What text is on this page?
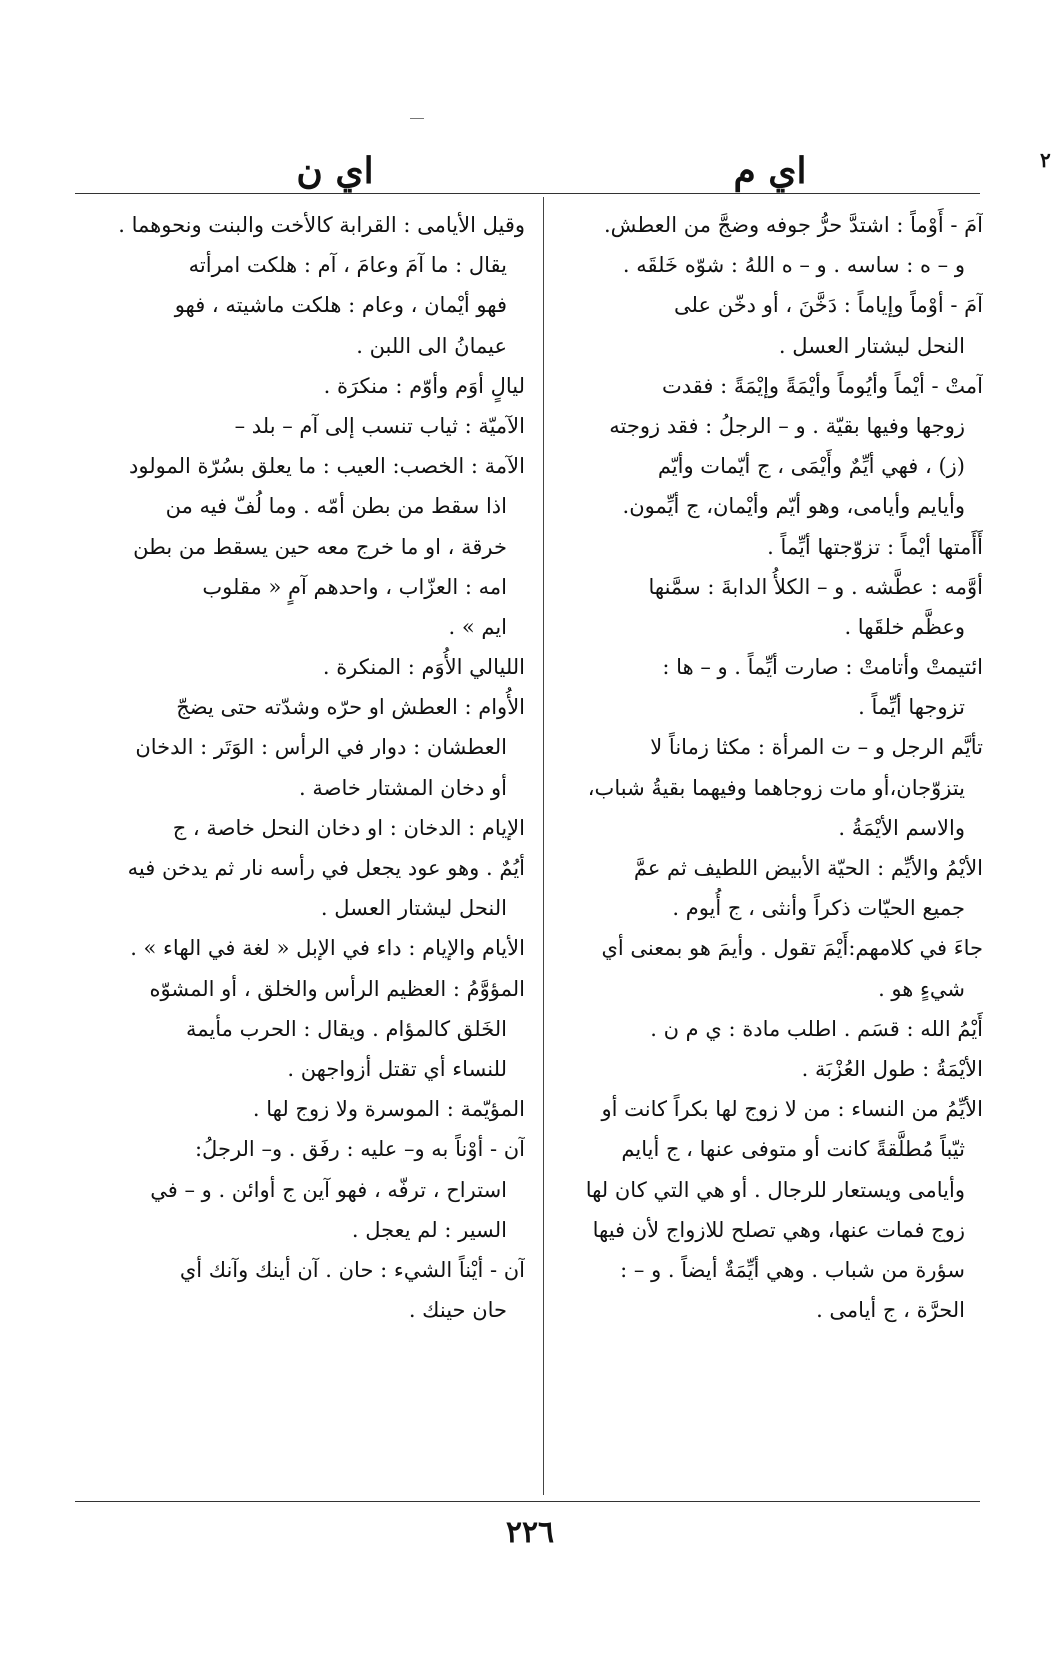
اي ن	اي م	٢
آمَ - أَوْماً : اشتدَّ حرُّ جوفه وضجَّ من العطش.
و – ه : ساسه . و – ه اللهُ : شوّه خَلقَه .
آمَ - أوْماً وإياماً : دَخَّنَ ، أو دخّن على
النحل ليشتار العسل .
آمتْ - أيْماً وأيُوماً وأيْمَةً وإيْمَةً : فقدت
زوجها وفيها بقيّة . و – الرجلُ : فقد زوجته
(ز) ، فهي أيِّمٌ وأَيْمَى ، ج أيّمات وأيّم
وأيايم وأيامى، وهو أيّم وأيْمان، ج أيِّمون.
أَأَمتها أيْماً : تزوّجتها أيِّماً .
أوَّمه : عطَّشه . و – الكلأُ الدابةَ : سمَّنها
وعظَّم خلقَها .
ائتيمتْ وأتامتْ : صارت أيِّماً . و – ها :
تزوجها أيِّماً .
تأيَّم الرجل و – ت المرأة : مكثا زماناً لا
يتزوّجان،أو مات زوجاهما وفيهما بقيةُ شباب،
والاسم الأيْمَةُ .
الأيْمُ والأيِّم : الحيّة الأبيض اللطيف ثم عمَّ
جميع الحيّات ذكراً وأنثى ، ج أُيوم .
جاءَ في كلامهم:أَيْمَ تقول . وأيمَ هو بمعنى أي
شيءٍ هو .
أَيْمُ الله : قسَم . اطلب مادة : ي م ن .
الأيْمَةُ : طول العُزْبَة .
الأيِّمُ من النساء : من لا زوج لها بكراً كانت أو
ثيّباً مُطلَّقةً كانت أو متوفى عنها ، ج أيايم
وأيامى ويستعار للرجال . أو هي التي كان لها
زوج فمات عنها، وهي تصلح للازواج لأن فيها
سؤرة من شباب . وهي أيِّمَةٌ أيضاً . و – :
الحرَّة ، ج أيامى .
وقيل الأيامى : القرابة كالأخت والبنت ونحوهما .
يقال : ما آمَ وعامَ ، آم : هلكت امرأته
فهو أيْمان ، وعام : هلكت ماشيته ، فهو
عيمانُ الى اللبن .
ليالٍ أوَم وأوّم : منكرَة .
الآميّة : ثياب تنسب إلى آم – بلد –
الآمة : الخصب: العيب : ما يعلق بسُرّة المولود
اذا سقط من بطن أمّه . وما لُفّ فيه من
خرقة ، او ما خرج معه حين يسقط من بطن
امه : العزّاب ، واحدهم آمٍ « مقلوب
ايم » .
الليالي الأُوَم : المنكرة .
الأُوام : العطش او حرّه وشدّته حتى يضجّ
العطشان : دوار في الرأس : الوَتَر : الدخان
أو دخان المشتار خاصة .
الإيام : الدخان : او دخان النحل خاصة ، ج
أيُمٌ . وهو عود يجعل في رأسه نار ثم يدخن فيه
النحل ليشتار العسل .
الأيام والإيام : داء في الإبل « لغة في الهاء » .
المؤوَّمُ : العظيم الرأس والخلق ، أو المشوّه
الخَلق كالمؤام . ويقال : الحرب مأيمة
للنساء أي تقتل أزواجهن .
المؤيّمة : الموسرة ولا زوج لها .
آن - أوْناً به و– عليه : رفَق . و– الرجلُ:
استراح ، ترفّه ، فهو آين ج أوائن . و – في
السير : لم يعجل .
آن - أيْناً الشيء : حان . آن أينك وآنك أي
حان حينك .
٢٢٦
